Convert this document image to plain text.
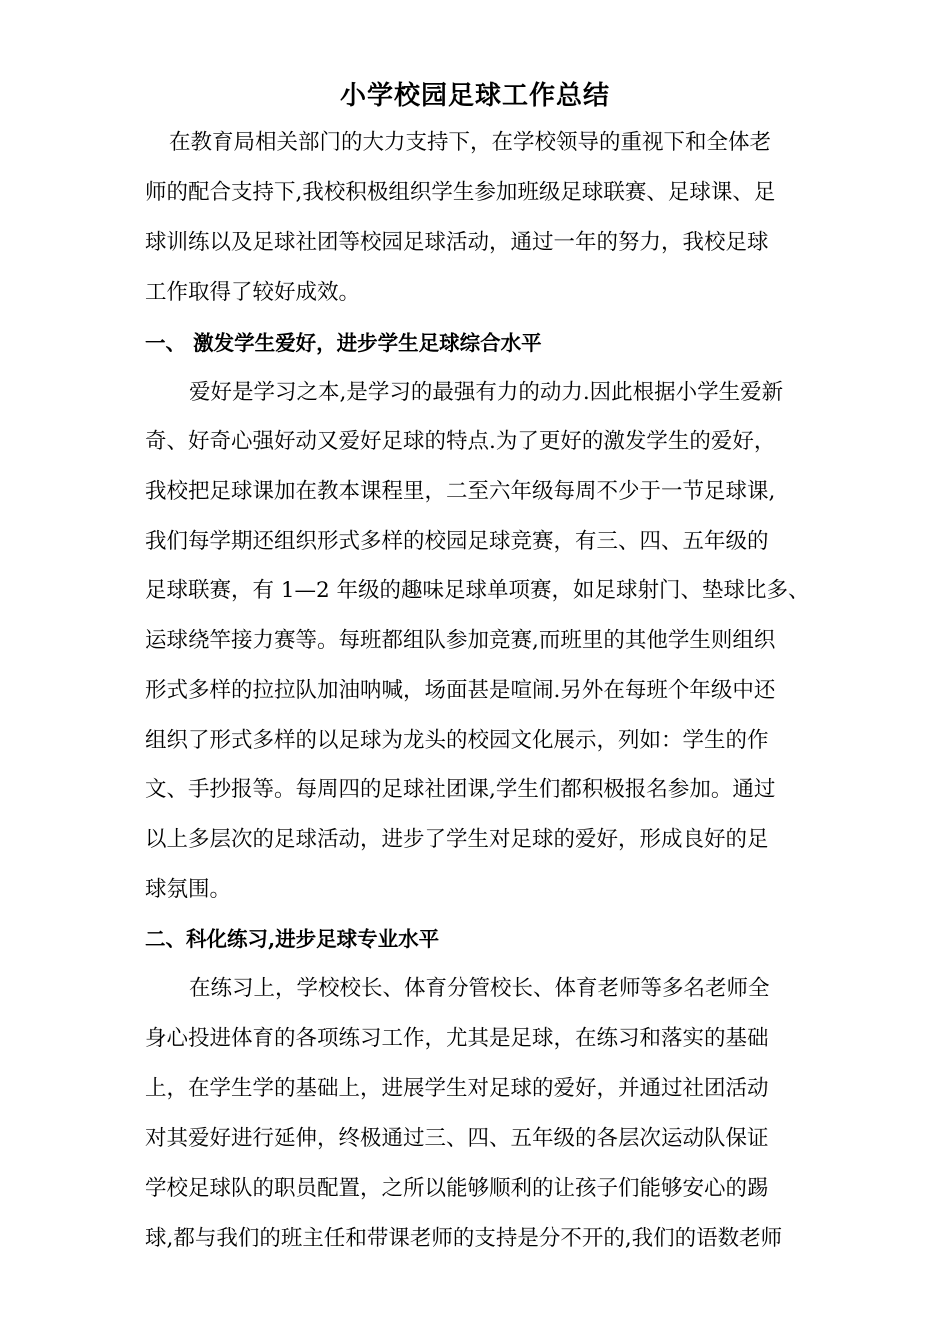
小学校园足球工作总结
在教育局相关部门的大力支持下，在学校领导的重视下和全体老
师的配合支持下,我校积极组织学生参加班级足球联赛、足球课、足
球训练以及足球社团等校园足球活动，通过一年的努力，我校足球
工作取得了较好成效。
一、 激发学生爱好，进步学生足球综合水平
爱好是学习之本,是学习的最强有力的动力.因此根据小学生爱新
奇、好奇心强好动又爱好足球的特点.为了更好的激发学生的爱好，
我校把足球课加在教本课程里，二至六年级每周不少于一节足球课,
我们每学期还组织形式多样的校园足球竞赛，有三、四、五年级的
足球联赛，有 1—2 年级的趣味足球单项赛，如足球射门、垫球比多、
运球绕竿接力赛等。每班都组队参加竞赛,而班里的其他学生则组织
形式多样的拉拉队加油呐喊，场面甚是喧闹.另外在每班个年级中还
组织了形式多样的以足球为龙头的校园文化展示，列如：学生的作
文、手抄报等。每周四的足球社团课,学生们都积极报名参加。通过
以上多层次的足球活动，进步了学生对足球的爱好，形成良好的足
球氛围。
二、科化练习,进步足球专业水平
在练习上，学校校长、体育分管校长、体育老师等多名老师全
身心投进体育的各项练习工作，尤其是足球，在练习和落实的基础
上，在学生学的基础上，进展学生对足球的爱好，并通过社团活动
对其爱好进行延伸，终极通过三、四、五年级的各层次运动队保证
学校足球队的职员配置，之所以能够顺利的让孩子们能够安心的踢
球,都与我们的班主任和带课老师的支持是分不开的,我们的语数老师
